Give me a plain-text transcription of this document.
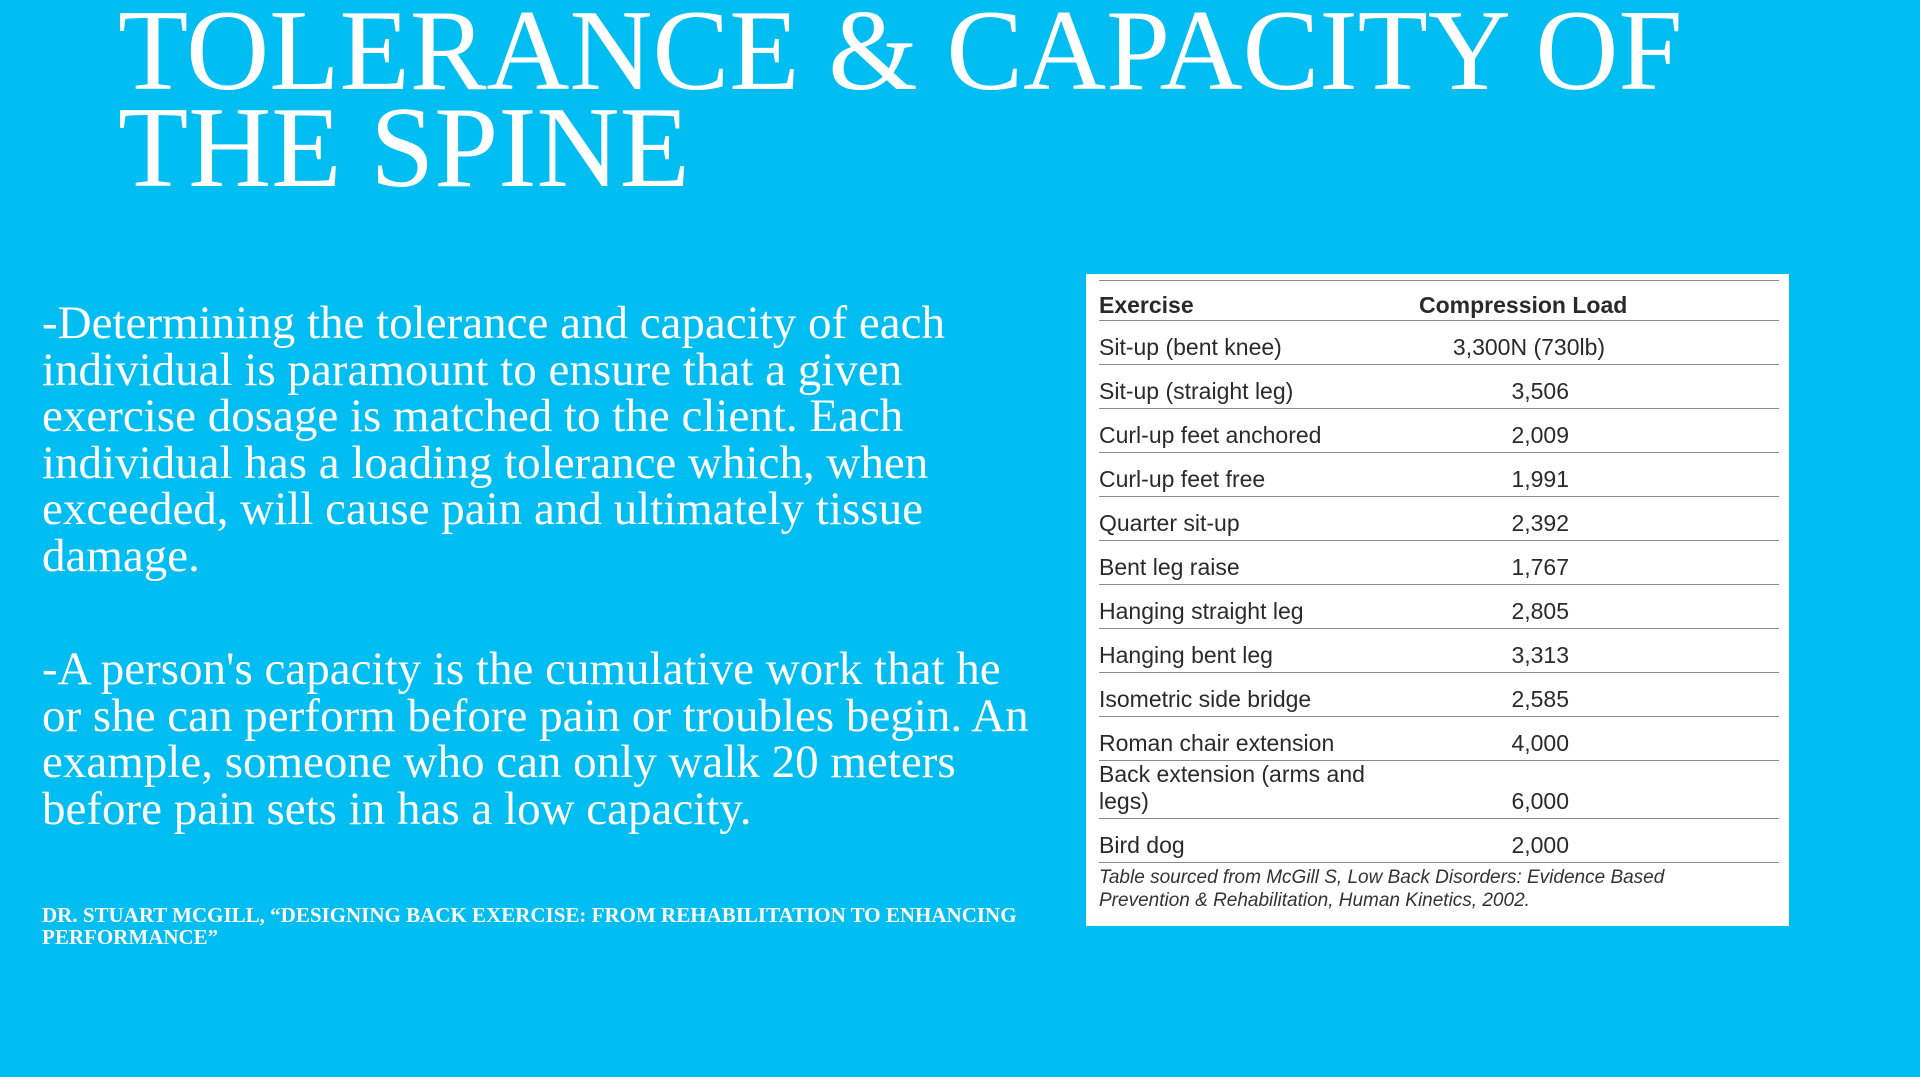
TOLERANCE & CAPACITY OF
THE SPINE

-Determining the tolerance and capacity of each individual is paramount to ensure that a given exercise dosage is matched to the client. Each individual has a loading tolerance which, when exceeded, will cause pain and ultimately tissue damage.

-A person's capacity is the cumulative work that he or she can perform before pain or troubles begin. An example, someone who can only walk 20 meters before pain sets in has a low capacity.

DR. STUART MCGILL, “DESIGNING BACK EXERCISE: FROM REHABILITATION TO ENHANCING PERFORMANCE”
Exercise	Compression Load
Sit-up (bent knee)	3,300N (730lb)
Sit-up (straight leg)	3,506
Curl-up feet anchored	2,009
Curl-up feet free	1,991
Quarter sit-up	2,392
Bent leg raise	1,767
Hanging straight leg	2,805
Hanging bent leg	3,313
Isometric side bridge	2,585
Roman chair extension	4,000
Back extension (arms and legs)	6,000
Bird dog	2,000
Table sourced from McGill S, Low Back Disorders: Evidence Based
Prevention & Rehabilitation, Human Kinetics, 2002.
